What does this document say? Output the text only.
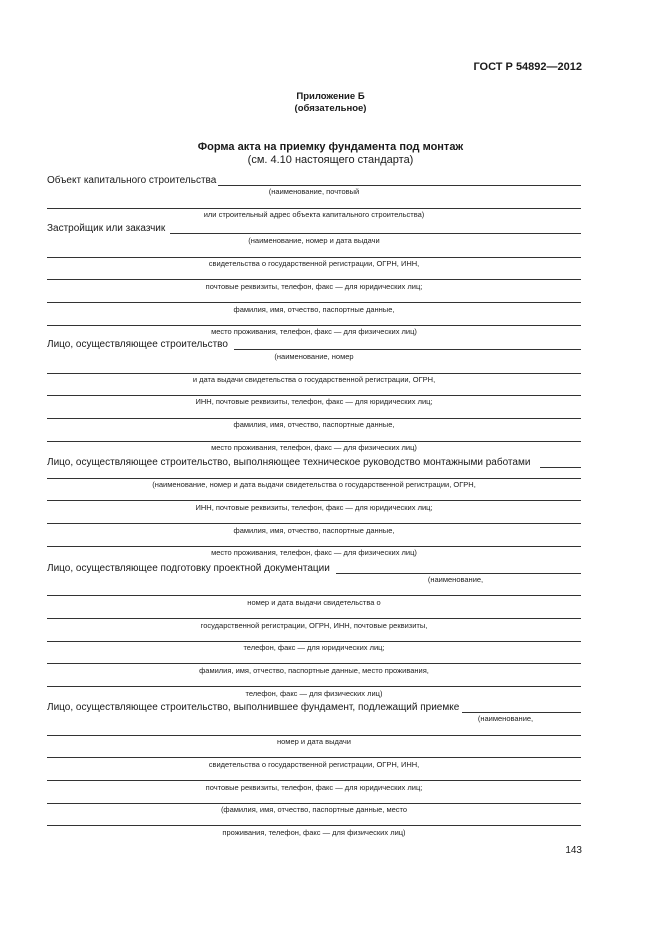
ГОСТ Р 54892—2012
Приложение Б
(обязательное)
Форма акта на приемку фундамента под монтаж
(см. 4.10 настоящего стандарта)
Объект капитального строительства
(наименование, почтовый
или строительный адрес объекта капитального строительства)
Застройщик или заказчик
(наименование, номер и дата выдачи
свидетельства о государственной регистрации, ОГРН, ИНН,
почтовые реквизиты, телефон, факс — для юридических лиц;
фамилия, имя, отчество, паспортные данные,
место проживания, телефон, факс — для физических лиц)
Лицо, осуществляющее строительство
(наименование, номер
и дата выдачи свидетельства о государственной регистрации, ОГРН,
ИНН, почтовые реквизиты, телефон, факс — для юридических лиц;
фамилия, имя, отчество, паспортные данные,
место проживания, телефон, факс — для физических лиц)
Лицо, осуществляющее строительство, выполняющее техническое руководство монтажными работами
(наименование, номер и дата выдачи свидетельства о государственной регистрации, ОГРН,
ИНН, почтовые реквизиты, телефон, факс — для юридических лиц;
фамилия, имя, отчество, паспортные данные,
место проживания, телефон, факс — для физических лиц)
Лицо, осуществляющее подготовку проектной документации
(наименование,
номер и дата выдачи свидетельства о
государственной регистрации, ОГРН, ИНН, почтовые реквизиты,
телефон, факс — для юридических лиц;
фамилия, имя, отчество, паспортные данные, место проживания,
телефон, факс — для физических лиц)
Лицо, осуществляющее строительство, выполнившее фундамент, подлежащий приемке
(наименование,
номер и дата выдачи
свидетельства о государственной регистрации, ОГРН, ИНН,
почтовые реквизиты, телефон, факс — для юридических лиц;
(фамилия, имя, отчество, паспортные данные, место
проживания, телефон, факс — для физических лиц)
143
